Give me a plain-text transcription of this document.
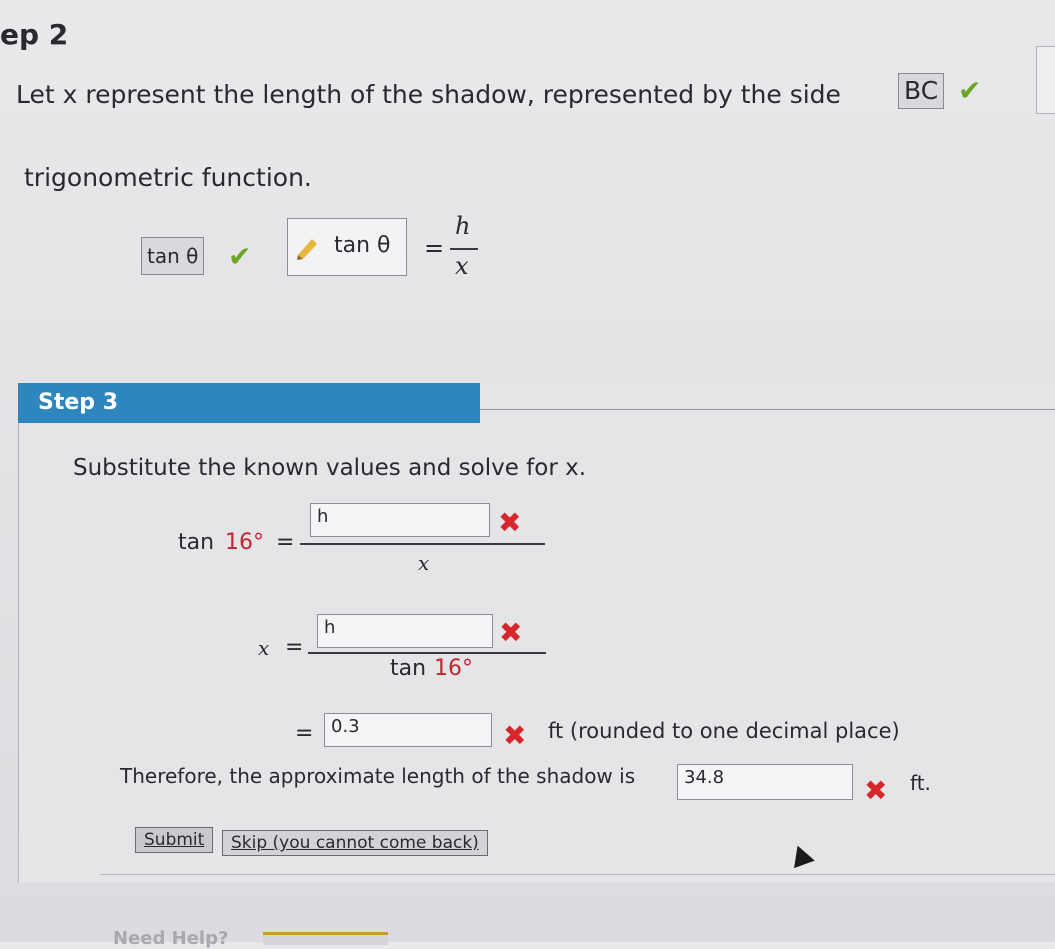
ep 2
Let x represent the length of the shadow, represented by the side	BC ✔
trigonometric function.
tan θ ✔	tan θ =
h
x
Step 3
Substitute the known values and solve for x.
tan 16° =
h	✖
x
x =
h	✖
tan 16°
= 0.3	✖ ft (rounded to one decimal place)
Therefore, the approximate length of the shadow is	34.8	✖ ft.
Submit	Skip (you cannot come back)
Need Help?
